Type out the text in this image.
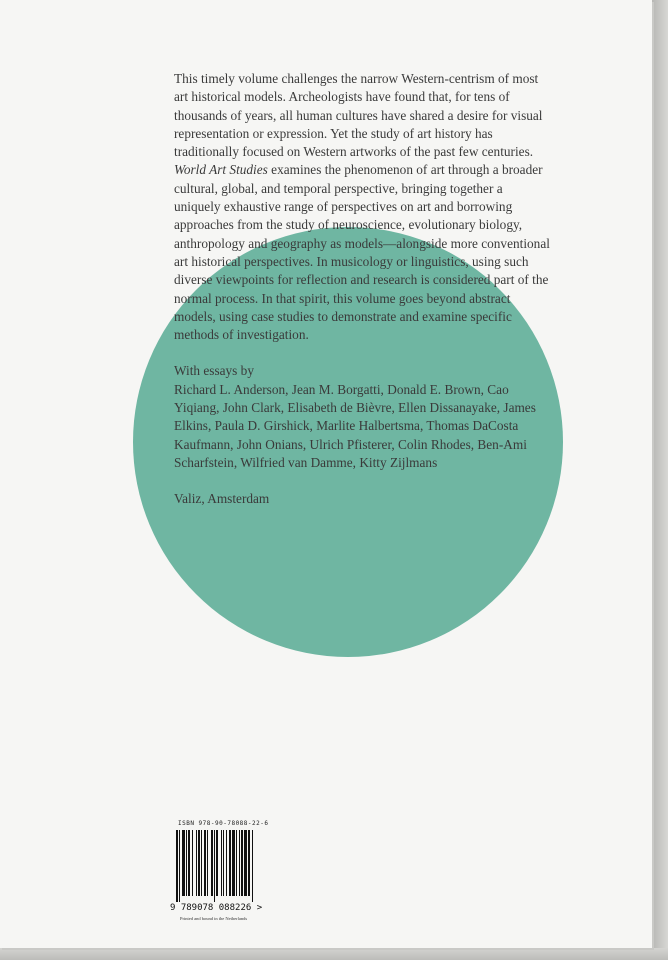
This timely volume challenges the narrow Western-centrism of most art historical models. Archeologists have found that, for tens of thousands of years, all human cultures have shared a desire for visual representation or expression. Yet the study of art history has traditionally focused on Western artworks of the past few centuries. World Art Studies examines the phenomenon of art through a broader cultural, global, and temporal perspective, bringing together a uniquely exhaustive range of perspectives on art and borrowing approaches from the study of neuroscience, evolutionary biology, anthropology and geography as models—alongside more conventional art historical perspectives. In musicology or linguistics, using such diverse viewpoints for reflection and research is considered part of the normal process. In that spirit, this volume goes beyond abstract models, using case studies to demonstrate and examine specific methods of investigation.

With essays by

Richard L. Anderson, Jean M. Borgatti, Donald E. Brown, Cao Yiqiang, John Clark, Elisabeth de Bièvre, Ellen Dissanayake, James Elkins, Paula D. Girshick, Marlite Halbertsma, Thomas DaCosta Kaufmann, John Onians, Ulrich Pfisterer, Colin Rhodes, Ben-Ami Scharfstein, Wilfried van Damme, Kitty Zijlmans

Valiz, Amsterdam

ISBN 978-90-78088-22-6
9 789078 088226 >
Printed and bound in the Netherlands
